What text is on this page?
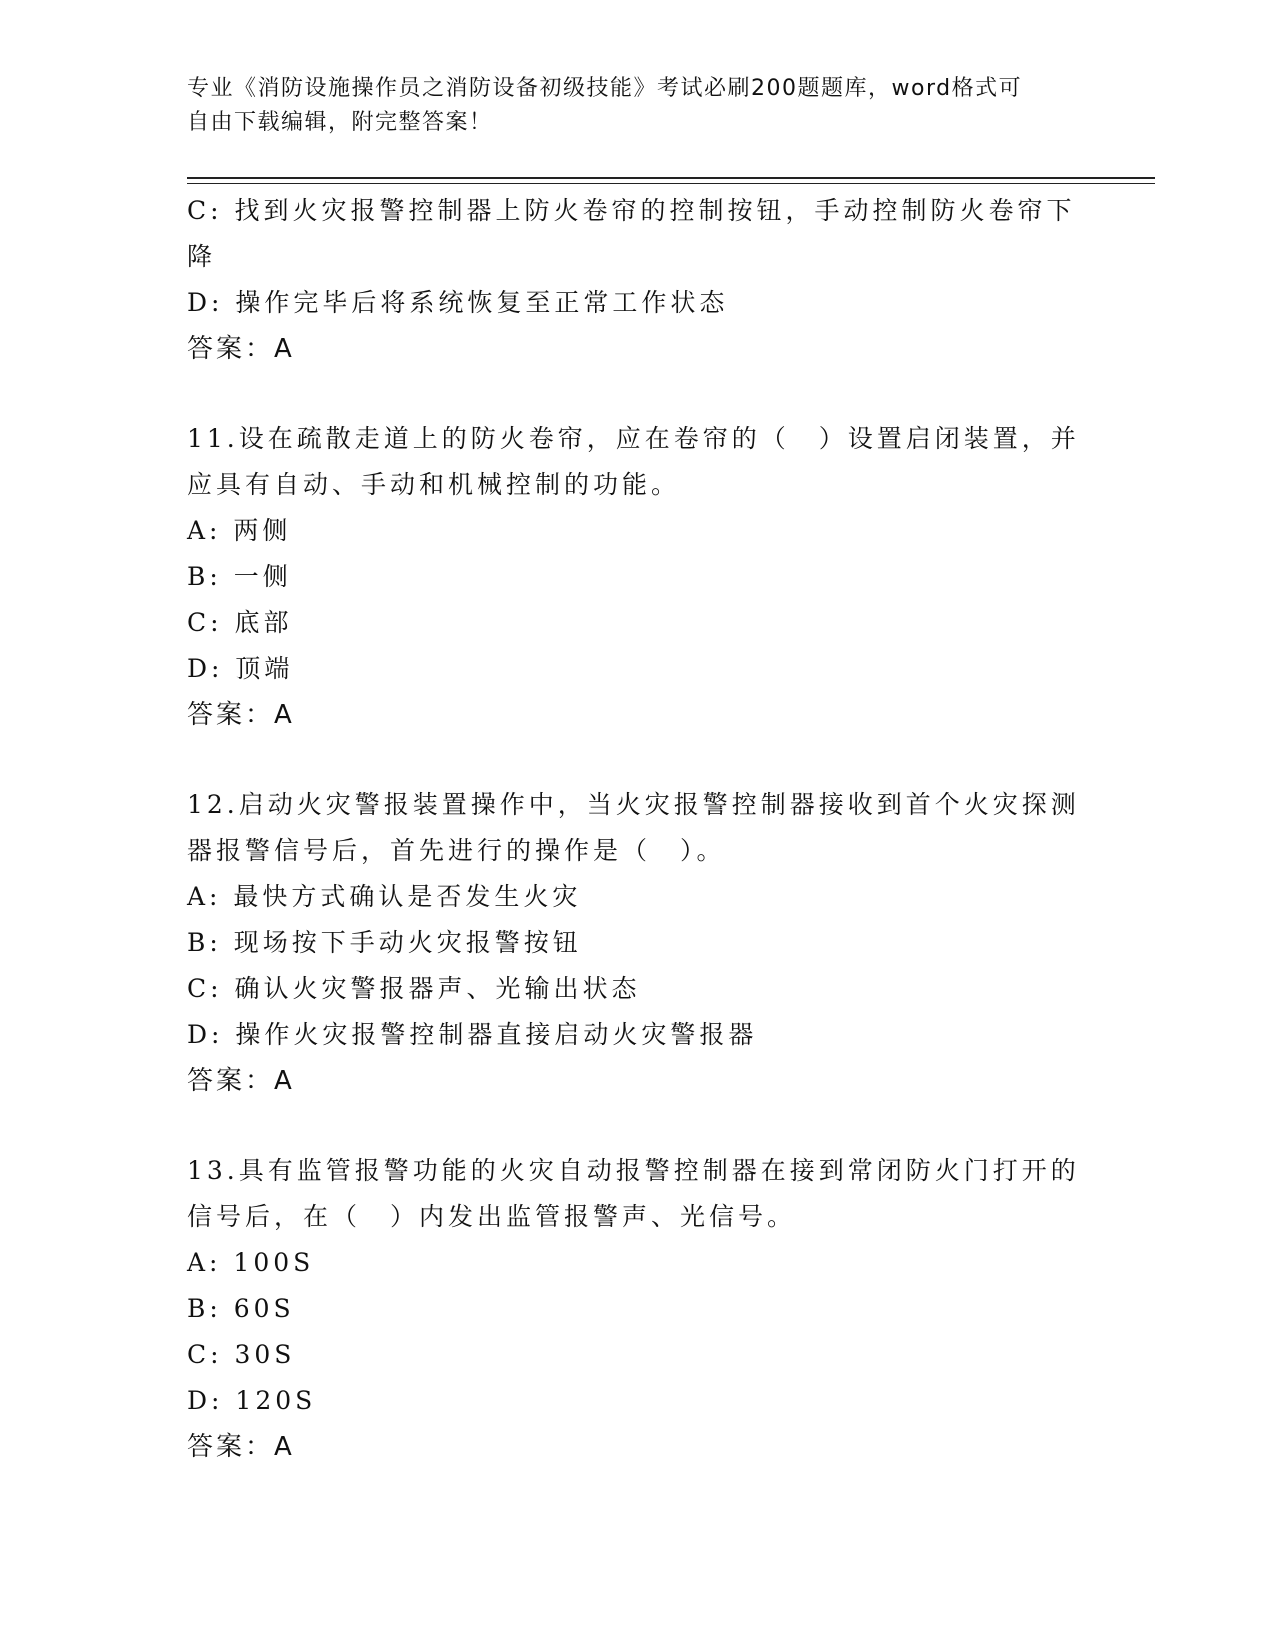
专业《消防设施操作员之消防设备初级技能》考试必刷200题题库，word格式可
自由下载编辑，附完整答案！
C: 找到火灾报警控制器上防火卷帘的控制按钮，手动控制防火卷帘下
降
D: 操作完毕后将系统恢复至正常工作状态
答案：A
11.设在疏散走道上的防火卷帘，应在卷帘的（　）设置启闭装置，并
应具有自动、手动和机械控制的功能。
A: 两侧
B: 一侧
C: 底部
D: 顶端
答案：A
12.启动火灾警报装置操作中，当火灾报警控制器接收到首个火灾探测
器报警信号后，首先进行的操作是（　）。
A: 最快方式确认是否发生火灾
B: 现场按下手动火灾报警按钮
C: 确认火灾警报器声、光输出状态
D: 操作火灾报警控制器直接启动火灾警报器
答案：A
13.具有监管报警功能的火灾自动报警控制器在接到常闭防火门打开的
信号后，在（　）内发出监管报警声、光信号。
A: 100S
B: 60S
C: 30S
D: 120S
答案：A
